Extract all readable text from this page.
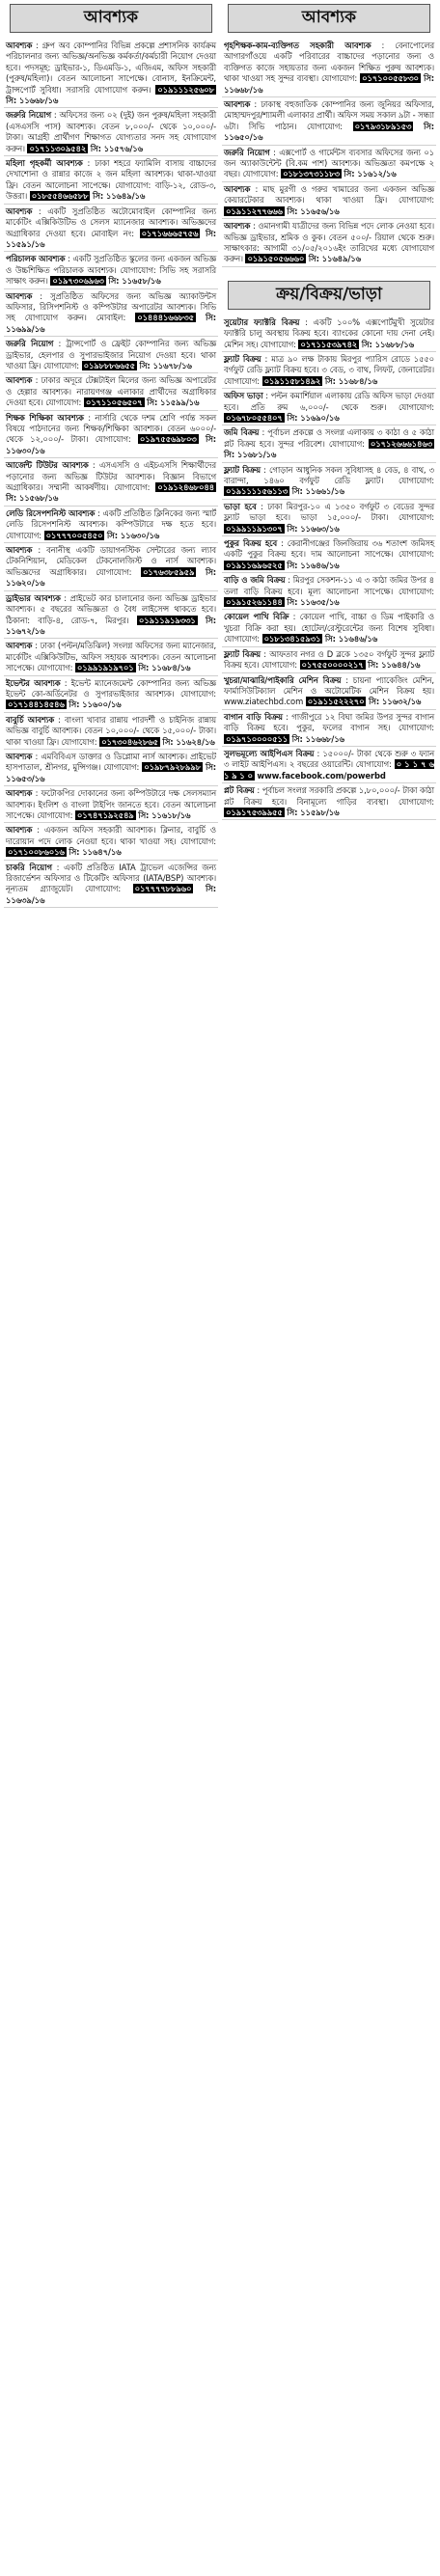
আবশ্যক

আবশ্যক : গ্রুপ অব কোম্পানির বিভিন্ন প্রকল্পে প্রশাসনিক কার্যক্রম পরিচালনার জন্য অভিজ্ঞ/অনভিজ্ঞ কর্মকর্তা/কর্মচারী নিয়োগ দেওয়া হবে। পদসমূহ: ড্রাইভার-১, ডিএমডি-১, এজিএম, অফিস সহকারী (পুরুষ/মহিলা)। বেতন আলোচনা সাপেক্ষে। বোনাস, ইনক্রিমেন্ট, ট্রান্সপোর্ট সুবিধা। সরাসরি যোগাযোগ করুন। ০১৯১১১২৫৬০৮ সি: ১১৬৬৮/১৬

জরুরি নিয়োগ : অফিসের জন্য ০২ (দুই) জন পুরুষ/মহিলা সহকারী (এসএসসি পাস) আবশ্যক। বেতন ৮,০০০/- থেকে ১০,০০০/- টাকা। আগ্রহী প্রার্থীগণ শিক্ষাগত যোগ্যতার সনদ সহ যোগাযোগ করুন। ০১৭১১৩০৯৫৪২ সি: ১১৫৭৬/১৬

মহিলা গৃহকর্মী আবশ্যক : ঢাকা শহরে ফ্যামিলি বাসায় বাচ্চাদের দেখাশোনা ও রান্নার কাজে ২ জন মহিলা আবশ্যক। থাকা-খাওয়া ফ্রি। বেতন আলোচনা সাপেক্ষে। যোগাযোগ: বাড়ি-১২, রোড-৩, উত্তরা। ০১৮৫৫৪৬৬৫৮৮ সি: ১১৬৪৯/১৬

আবশ্যক : একটি সুপ্রতিষ্ঠিত অটোমোবাইল কোম্পানির জন্য মার্কেটিং এক্সিকিউটিভ ও সেলস ম্যানেজার আবশ্যক। অভিজ্ঞদের অগ্রাধিকার দেওয়া হবে। মোবাইল নং: ০১৭১৬৬৬৫৭৫৬ সি: ১১৫৯১/১৬

পরিচালক আবশ্যক : একটি সুপ্রতিষ্ঠিত স্কুলের জন্য একজন অভিজ্ঞ ও উচ্চশিক্ষিত পরিচালক আবশ্যক। যোগাযোগ: সিভি সহ সরাসরি সাক্ষাৎ করুন। ০১৯৭৩০৬৯৬৩ সি: ১১৬৫৮/১৬

আবশ্যক : সুপ্রতিষ্ঠিত অফিসের জন্য অভিজ্ঞ অ্যাকাউন্টস অফিসার, রিসিপশনিস্ট ও কম্পিউটার অপারেটর আবশ্যক। সিভি সহ যোগাযোগ করুন। মোবাইল: ০১৪৪৪১৬৬৮৩৫ সি: ১১৬৯৯/১৬

জরুরি নিয়োগ : ট্রান্সপোর্ট ও ফ্রেইট কোম্পানির জন্য অভিজ্ঞ ড্রাইভার, হেলপার ও সুপারভাইজার নিয়োগ দেওয়া হবে। থাকা খাওয়া ফ্রি। যোগাযোগ: ০১৯৮৮৮৬৬৫৫ সি: ১১৬৭৮/১৬

আবশ্যক : ঢাকার অদূরে টেক্সটাইল মিলের জন্য অভিজ্ঞ অপারেটর ও হেল্পার আবশ্যক। নারায়ণগঞ্জ এলাকার প্রার্থীদের অগ্রাধিকার দেওয়া হবে। যোগাযোগ: ০১৭১১০৫৬৫০৭ সি: ১১৫৯৯/১৬

শিক্ষক শিক্ষিকা আবশ্যক : নার্সারি থেকে দশম শ্রেণি পর্যন্ত সকল বিষয়ে পাঠদানের জন্য শিক্ষক/শিক্ষিকা আবশ্যক। বেতন ৬০০০/- থেকে ১২,০০০/- টাকা। যোগাযোগ: ০১৯৭৫৫৬৯৮০৩ সি: ১১৬৩০/১৬

আর্জেন্ট টিউটর আবশ্যক : এসএসসি ও এইচএসসি শিক্ষার্থীদের পড়ানোর জন্য অভিজ্ঞ টিউটর আবশ্যক। বিজ্ঞান বিভাগে অগ্রাধিকার। সম্মানী আকর্ষণীয়। যোগাযোগ: ০১৯১২৪৬৮০৪৪ সি: ১১৫৬৮/১৬

লেডি রিসেপশনিস্ট আবশ্যক : একটি প্রতিষ্ঠিত ক্লিনিকের জন্য স্মার্ট লেডি রিসেপশনিস্ট আবশ্যক। কম্পিউটারে দক্ষ হতে হবে। যোগাযোগ: ০১৭৭৭০০৫৪৫০ সি: ১১৬৩০/১৬

আবশ্যক : বনানীস্থ একটি ডায়াগনস্টিক সেন্টারের জন্য ল্যাব টেকনিশিয়ান, মেডিকেল টেকনোলজিস্ট ও নার্স আবশ্যক। অভিজ্ঞদের অগ্রাধিকার। যোগাযোগ: ০১৭৬৩৮৫৯৫৯ সি: ১১৬২০/১৬

ড্রাইভার আবশ্যক : প্রাইভেট কার চালানোর জন্য অভিজ্ঞ ড্রাইভার আবশ্যক। ৫ বছরের অভিজ্ঞতা ও বৈধ লাইসেন্স থাকতে হবে। ঠিকানা: বাড়ি-৪, রোড-৭, মিরপুর। ০১৯১১৯১৯৩৩১ সি: ১১৬৭২/১৬

আবশ্যক : ঢাকা (পল্টন/মতিঝিল) সংলগ্ন অফিসের জন্য ম্যানেজার, মার্কেটিং এক্সিকিউটিভ, অফিস সহায়ক আবশ্যক। বেতন আলোচনা সাপেক্ষে। যোগাযোগ: ০১৯৯১৯১৯৭০১ সি: ১১৬৮৪/১৬

ইভেন্টর আবশ্যক : ইভেন্ট ম্যানেজমেন্ট কোম্পানির জন্য অভিজ্ঞ ইভেন্ট কো-অর্ডিনেটর ও সুপারভাইজার আবশ্যক। যোগাযোগ: ০১৭১৪৪১৪৫৪৬ সি: ১১৬০০/১৬

বাবুর্চি আবশ্যক : বাংলা খাবার রান্নায় পারদর্শী ও চাইনিজ রান্নায় অভিজ্ঞ বাবুর্চি আবশ্যক। বেতন ১০,০০০/- থেকে ১৫,০০০/- টাকা। থাকা খাওয়া ফ্রি। যোগাযোগ: ০১৭৩০৪৬২৮৬৫ সি: ১১৬২৪/১৬

আবশ্যক : এমবিবিএস ডাক্তার ও ডিপ্লোমা নার্স আবশ্যক। প্রাইভেট হাসপাতাল, শ্রীনগর, মুন্সিগঞ্জ। যোগাযোগ: ০১৯৮৭৯২৮৯৯৮ সি: ১১৬৫৩/১৬

আবশ্যক : ফটোকপির দোকানের জন্য কম্পিউটারে দক্ষ সেলসম্যান আবশ্যক। ইংলিশ ও বাংলা টাইপিং জানতে হবে। বেতন আলোচনা সাপেক্ষে। যোগাযোগ: ০১৭৪৭১৯২৫৪৯ সি: ১১৬১৮/১৬

আবশ্যক : একজন অফিস সহকারী আবশ্যক। ক্লিনার, বাবুর্চি ও দারোয়ান পদে লোক নেওয়া হবে। থাকা খাওয়া সহ। যোগাযোগ: ০১৭১০০৮৬০১৬ সি: ১১৬৪৭/১৬

চাকরি নিয়োগ : একটি প্রতিষ্ঠিত IATA ট্রাভেল এজেন্সির জন্য রিজার্ভেশন অফিসার ও টিকেটিং অফিসার (IATA/BSP) আবশ্যক। নূন্যতম গ্র্যাজুয়েট। যোগাযোগ: ০১৭৭৭৭৮৮৯৬০ সি: ১১৬৩৯/১৬

আবশ্যক

গৃহশিক্ষক-কাম-ব্যক্তিগত সহকারী আবশ্যক : বেনাপোলের আগারগাঁওয়ে একটি পরিবারের বাচ্চাদের পড়ানোর জন্য ও ব্যক্তিগত কাজে সহায়তার জন্য একজন শিক্ষিত পুরুষ আবশ্যক। থাকা খাওয়া সহ সুন্দর ব্যবস্থা। যোগাযোগ: ০১৭১০০৫৫৮৩০ সি: ১১৬৬৮/১৬

আবশ্যক : ঢাকাস্থ বহুজাতিক কোম্পানির জন্য জুনিয়র অফিসার, মোহাম্মদপুর/শ্যামলী এলাকার প্রার্থী। অফিস সময় সকাল ৯টা - সন্ধ্যা ৬টা। সিভি পাঠান। যোগাযোগ: ০১৭৯৩১৮৯১৫৩ সি: ১১৬৫০/১৬

জরুরি নিয়োগ : এক্সপোর্ট ও গার্মেন্টস ব্যবসার অফিসের জন্য ০১ জন অ্যাকাউন্টেন্ট (বি.কম পাশ) আবশ্যক। অভিজ্ঞতা কমপক্ষে ২ বছর। যোগাযোগ: ০১৮১৩৭৩১১৮৩ সি: ১১৬১২/১৬

আবশ্যক : মাছ মুরগী ও গরুর খামারের জন্য একজন অভিজ্ঞ কেয়ারটেকার আবশ্যক। থাকা খাওয়া ফ্রি। যোগাযোগ: ০১৯১১২৭৭৬৬৬ সি: ১১৬৫৬/১৬

আবশ্যক : ওমানগামী যাত্রীদের জন্য বিভিন্ন পদে লোক নেওয়া হবে। অভিজ্ঞ ড্রাইভার, শ্রমিক ও কুক। বেতন ৫০০/- রিয়াল থেকে শুরু। সাক্ষাৎকার: আগামী ৩১/০৫/২০১৬ইং তারিখের মধ্যে যোগাযোগ করুন। ০১৯১৫০৫৬৬৬০ সি: ১১৬৪৯/১৬

ক্রয়/বিক্রয়/ভাড়া

সুয়েটার ফ্যাক্টরি বিক্রয় : একটি ১০০% এক্সপোর্টমুখী সুয়েটার ফ্যাক্টরি চালু অবস্থায় বিক্রয় হবে। ব্যাংকের কোনো দায় দেনা নেই। মেশিন সহ। যোগাযোগ: ০১৭১১৫৩৯৭৪২ সি: ১১৬৮৮/১৬

ফ্ল্যাট বিক্রয় : মাত্র ৯০ লক্ষ টাকায় মিরপুর প্যারিস রোডে ১৫৫০ বর্গফুট রেডি ফ্ল্যাট বিক্রয় হবে। ৩ বেড, ৩ বাথ, লিফট, জেনারেটর। যোগাযোগ: ০১৯১১৫৮১৪৯২ সি: ১১৬৮৪/১৬

অফিস ভাড়া : পল্টন কমার্শিয়াল এলাকায় রেডি অফিস ভাড়া দেওয়া হবে। প্রতি রুম ৬,০০০/- থেকে শুরু। যোগাযোগ: ০১৬৭৮০৫৫৪০৭ সি: ১১৬৯০/১৬

জমি বিক্রয় : পূর্বাচল প্রকল্পে ও সংলগ্ন এলাকায় ৩ কাঠা ও ৫ কাঠা প্লট বিক্রয় হবে। সুন্দর পরিবেশ। যোগাযোগ: ০১৭১২৬৬৬১৪৬৩ সি: ১১৬৮১/১৬

ফ্ল্যাট বিক্রয় : গোড়ান আধুনিক সকল সুবিধাসহ ৪ বেড, ৪ বাথ, ৩ বারান্দা, ১৪৬০ বর্গফুট রেডি ফ্ল্যাট। যোগাযোগ: ০১৯১১১১৫৬১১৩ সি: ১১৬৬১/১৬

ভাড়া হবে : ঢাকা মিরপুর-১০ এ ১৩৫০ বর্গফুট ৩ বেডের সুন্দর ফ্ল্যাট ভাড়া হবে। ভাড়া ১৫,০০০/- টাকা। যোগাযোগ: ০১৯৯১১৯১৩০৭ সি: ১১৬৬৩/১৬

পুকুর বিক্রয় হবে : কেরানীগঞ্জের জিনজিরায় ৩৬ শতাংশ জমিসহ একটি পুকুর বিক্রয় হবে। দাম আলোচনা সাপেক্ষে। যোগাযোগ: ০১৯১১৬৯৬৫২৫ সি: ১১৬৪৬/১৬

বাড়ি ও জমি বিক্রয় : মিরপুর সেকশন-১১ এ ৩ কাঠা জমির উপর ৪ তলা বাড়ি বিক্রয় হবে। মূল্য আলোচনা সাপেক্ষে। যোগাযোগ: ০১৯১৫২৬১১৪৪ সি: ১১৬৩৫/১৬

কোয়েল পাখি বিক্রি : কোয়েল পাখি, বাচ্চা ও ডিম পাইকারি ও খুচরা বিক্রি করা হয়। হোটেল/রেস্টুরেন্টের জন্য বিশেষ সুবিধা। যোগাযোগ: ০১৮১৩৪১৫৯৩১ সি: ১১৬৪৬/১৬

ফ্ল্যাট বিক্রয় : আফতাব নগর ও D ব্লকে ১৩৫০ বর্গফুট সুন্দর ফ্ল্যাট বিক্রয় হবে। যোগাযোগ: ০১৭৫৫০০০০২১৭ সি: ১১৬৪৪/১৬

খুচরা/মাঝারি/পাইকারি মেশিন বিক্রয় : চায়না প্যাকেজিং মেশিন, ফার্মাসিউটিক্যাল মেশিন ও অটোমেটিক মেশিন বিক্রয় হয়। www.ziatechbd.com ০১৯১১৫২২২৭০ সি: ১১৬৩২/১৬

বাগান বাড়ি বিক্রয় : গাজীপুরে ১২ বিঘা জমির উপর সুন্দর বাগান বাড়ি বিক্রয় হবে। পুকুর, ফলের বাগান সহ। যোগাযোগ: ০১৯৭১০০০০৫১১ সি: ১১৬৬৮/১৬

সুলভমূল্যে আইপিএস বিক্রয় : ১৫০০০/- টাকা থেকে শুরু ৩ ফ্যান ৩ লাইট আইপিএস। ২ বছরের ওয়ারেন্টি। যোগাযোগ: ০ ১ ১ ৭ ৬ ১ ৯ ১ ০ www.facebook.com/powerbd

প্লট বিক্রয় : পূর্বাচল সংলগ্ন সরকারি প্রকল্পে ১,৮০,০০০/- টাকা কাঠা প্লট বিক্রয় হবে। বিনামূল্যে গাড়ির ব্যবস্থা। যোগাযোগ: ০১৯১৭৫৩৯৯৫৫ সি: ১১৫৯৮/১৬
